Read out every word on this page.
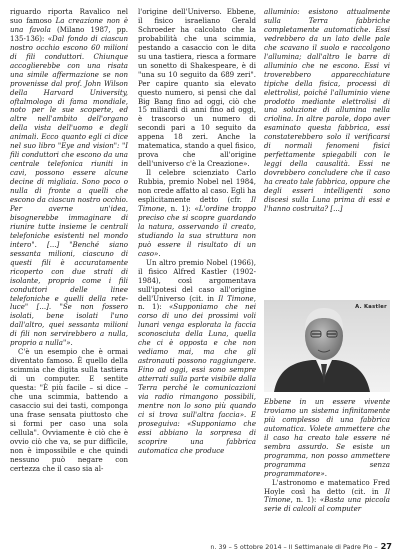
riguardo riporta Ravalico nel suo famoso La creazione non è una favola (Milano 1987, pp. 135-136): «Dal fondo di ciascun nostro occhio escono 60 milioni di fili conduttori. Chiunque accoglierebbe con una risata una simile affermazione se non provenisse dal prof. John Wilson della Harvard University, oftalmologo di fama mondiale, noto per le sue scoperte, ed altre nell'ambito dell'organo della vista dell'uomo e degli animali. Ecco quanto egli ci dice nel suo libro "Eye and vision": "I fili conduttori che escono da una centrale telefonica riuniti in cavi, possono essere alcune decine di migliaia. Sono poco o nulla di fronte a quelli che escono da ciascun nostro occhio. Per averne un'idea, bisognerebbe immaginare di riunire tutte insieme le centrali telefoniche esistenti nel mondo intero". [...] "Benché siano sessanta milioni, ciascuno di questi fili è accuratamente ricoperto con due strati di isolante, proprio come i fili conduttori delle linee telefoniche e quelli della rete-luce" [...]. "Se non fossero isolati, bene isolati l'uno dall'altro, quei sessanta milioni di fili non servirebbero a nulla, proprio a nulla"».

C'è un esempio che è ormai diventato famoso. È quello della scimmia che digita sulla tastiera di un computer. E sentite questa: "È più facile – si dice – che una scimmia, battendo a casaccio sui dei tasti, componga una frase sensata piuttosto che si formi per caso una sola cellula". Ovviamente è ciò che è ovvio ciò che va, se pur difficile, non è impossibile e che quindi nessuno può negare con certezza che il caso sia al-

l'origine dell'Universo. Ebbene, il fisico israeliano Gerald Schroeder ha calcolato che la probabilità che una scimmia, pestando a casaccio con le dita su una tastiera, riesca a formare un sonetto di Shakespeare, è di "una su 10 seguito da 689 zeri". Per capire quanto sia elevato questo numero, si pensi che dal Big Bang fino ad oggi, ciò che 15 miliardi di anni fino ad oggi, è trascorso un numero di secondi pari a 10 seguito da appena 18 zeri. Anche la matematica, stando a quel fisico, prova che all'origine dell'universo c'è la Creazione».

Il celebre scienziato Carlo Rubbia, premio Nobel nel 1984, non crede affatto al caso. Egli ha esplicitamente detto (cfr. Il Timone, n. 1): «L'ordine troppo preciso che si scopre guardando la natura, osservando il creato, studiando la sua struttura non può essere il risultato di un caso».

Un altro premio Nobel (1966), il fisico Alfred Kastler (1902-1984), così argomentava sull'ipotesi del caso all'origine dell'Universo (cit. in Il Timone, n. 1): «Supponiamo che nei corso di uno dei prossimi voli lunari venga esplorata la faccia sconosciuta della Luna, quella che ci è opposta e che non vediamo mai, ma che gli astronauti possono raggiungere. Fino ad oggi, essi sono sempre atterrati sulla parte visibile dalla Terra perché le comunicazioni via radio rimangono possibili, mentre non lo sono più quando ci si trova sull'altra faccia». E proseguiva: «Supponiamo che essi abbiano la sorpresa di scoprire una fabbrica automatica che produce

alluminio: esistono attualmente sulla Terra fabbriche completamente automatiche. Essi vedrebbero da un lato delle pale che scavano il suolo e raccolgono l'allumina; dall'altro le barre di alluminio che ne escono. Essi vi troverebbero apparecchiature tipiche della fisica, processi di elettrolisi, poiché l'alluminio viene prodotto mediante elettrolisi di una soluzione di allumina nella criolina. In altre parole, dopo aver esaminato questa fabbrica, essi constaterebbero solo il verificarsi di normali fenomeni fisici perfettamente spiegabili con le leggi della causalità. Essi ne dovrebbero concludere che il caso ha creato tale fabbrica, oppure che degli esseri intelligenti sono discesi sulla Luna prima di essi e l'hanno costruita? [...]

A. Kastler

Ebbene in un essere vivente troviamo un sistema infinitamente più complesso di una fabbrica automatica. Volete ammettere che il caso ha creato tale essere né sembra assurdo. Se esiste un programma, non posso ammettere programma senza programmatore».

L'astronomo e matematico Fred Hoyle così ha detto (cit. in Il Timone, n. 1): «Basta una piccola serie di calcoli al computer

n. 39 – 5 ottobre 2014 – Il Settimanale di Padre Pio – 27
